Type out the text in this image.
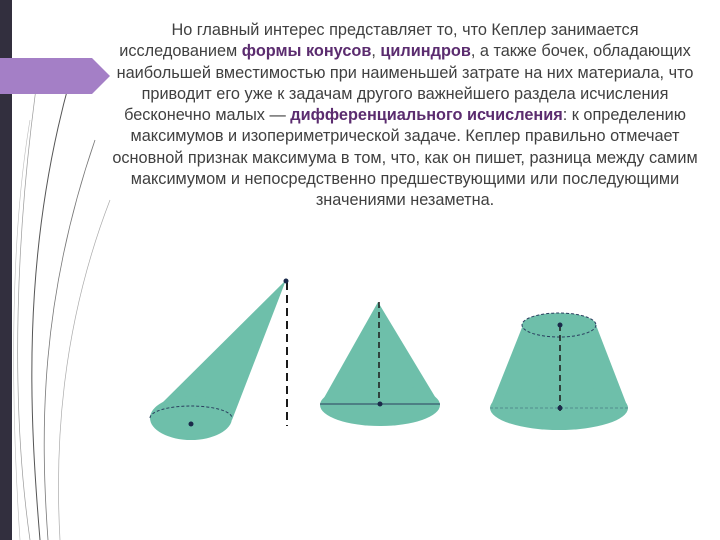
Но главный интерес представляет то, что Кеплер занимается исследованием формы конусов, цилиндров, а также бочек, обладающих наибольшей вместимостью при наименьшей затрате на них материала, что приводит его уже к задачам другого важнейшего раздела исчисления бесконечно малых — дифференциального исчисления: к определению максимумов и изопериметрической задаче. Кеплер правильно отмечает основной признак максимума в том, что, как он пишет, разница между самим максимумом и непосредственно предшествующими или последующими значениями незаметна.
